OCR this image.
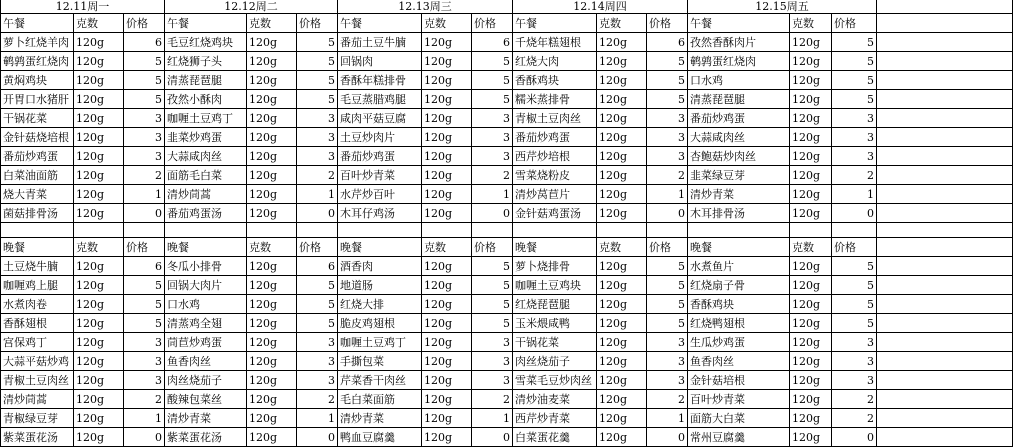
12.11周一			12.12周二			12.13周三			12.14周四			12.15周五			
午餐	克数	价格	午餐	克数	价格	午餐	克数	价格	午餐	克数	价格	午餐	克数	价格	
萝卜红烧羊肉	120g	6	毛豆红烧鸡块	120g	5	番茄土豆牛腩	120g	6	千烧年糕翅根	120g	6	孜然香酥肉片	120g	5	
鹌鹑蛋红烧肉	120g	5	红烧狮子头	120g	5	回锅肉	120g	5	红烧大肉	120g	5	鹌鹑蛋红烧肉	120g	5	
黄焖鸡块	120g	5	清蒸琵琶腿	120g	5	香酥年糕排骨	120g	5	香酥鸡块	120g	5	口水鸡	120g	5	
开胃口水猪肝	120g	5	孜然小酥肉	120g	5	毛豆蒸腊鸡腿	120g	5	糯米蒸排骨	120g	5	清蒸琵琶腿	120g	5	
干锅花菜	120g	3	咖喱土豆鸡丁	120g	3	咸肉平菇豆腐	120g	3	青椒土豆肉丝	120g	3	番茄炒鸡蛋	120g	3	
金针菇烧培根	120g	3	韭菜炒鸡蛋	120g	3	土豆炒肉片	120g	3	番茄炒鸡蛋	120g	3	大蒜咸肉丝	120g	3	
番茄炒鸡蛋	120g	3	大蒜咸肉丝	120g	3	番茄炒鸡蛋	120g	3	西芹炒培根	120g	3	杏鲍菇炒肉丝	120g	3	
白菜油面筋	120g	2	面筋毛白菜	120g	2	百叶炒青菜	120g	2	雪菜烧粉皮	120g	2	韭菜绿豆芽	120g	2	
烧大青菜	120g	1	清炒茼蒿	120g	1	水芹炒百叶	120g	1	清炒莴苣片	120g	1	清炒青菜	120g	1	
菌菇排骨汤	120g	0	番茄鸡蛋汤	120g	0	木耳仔鸡汤	120g	0	金针菇鸡蛋汤	120g	0	木耳排骨汤	120g	0	

晚餐	克数	价格	晚餐	克数	价格	晚餐	克数	价格	晚餐	克数	价格	晚餐	克数	价格	
土豆烧牛腩	120g	6	冬瓜小排骨	120g	6	酒香肉	120g	5	萝卜烧排骨	120g	5	水煮鱼片	120g	5	
咖喱鸡上腿	120g	5	回锅大肉片	120g	5	地道肠	120g	5	咖喱土豆鸡块	120g	5	红烧扇子骨	120g	5	
水煮肉卷	120g	5	口水鸡	120g	5	红烧大排	120g	5	红烧琵琶腿	120g	5	香酥鸡块	120g	5	
香酥翅根	120g	5	清蒸鸡全翅	120g	5	脆皮鸡翅根	120g	5	玉米煨咸鸭	120g	5	红烧鸭翅根	120g	5	
宫保鸡丁	120g	3	茼苣炒鸡蛋	120g	3	咖喱土豆鸡丁	120g	3	干锅花菜	120g	3	生瓜炒鸡蛋	120g	3	
大蒜平菇炒鸡	120g	3	鱼香肉丝	120g	3	手撕包菜	120g	3	肉丝烧茄子	120g	3	鱼香肉丝	120g	3	
青椒土豆肉丝	120g	3	肉丝烧茄子	120g	3	芹菜香干肉丝	120g	3	雪菜毛豆炒肉丝	120g	3	金针菇培根	120g	3	
清炒茼蒿	120g	2	酸辣包菜丝	120g	2	毛白菜面筋	120g	2	清炒油麦菜	120g	2	百叶炒青菜	120g	2	
青椒绿豆芽	120g	1	清炒青菜	120g	1	清炒青菜	120g	1	西芹炒青菜	120g	1	面筋大白菜	120g	2	
紫菜蛋花汤	120g	0	紫菜蛋花汤	120g	0	鸭血豆腐羹	120g	0	白菜蛋花羹	120g	0	常州豆腐羹	120g	0	
